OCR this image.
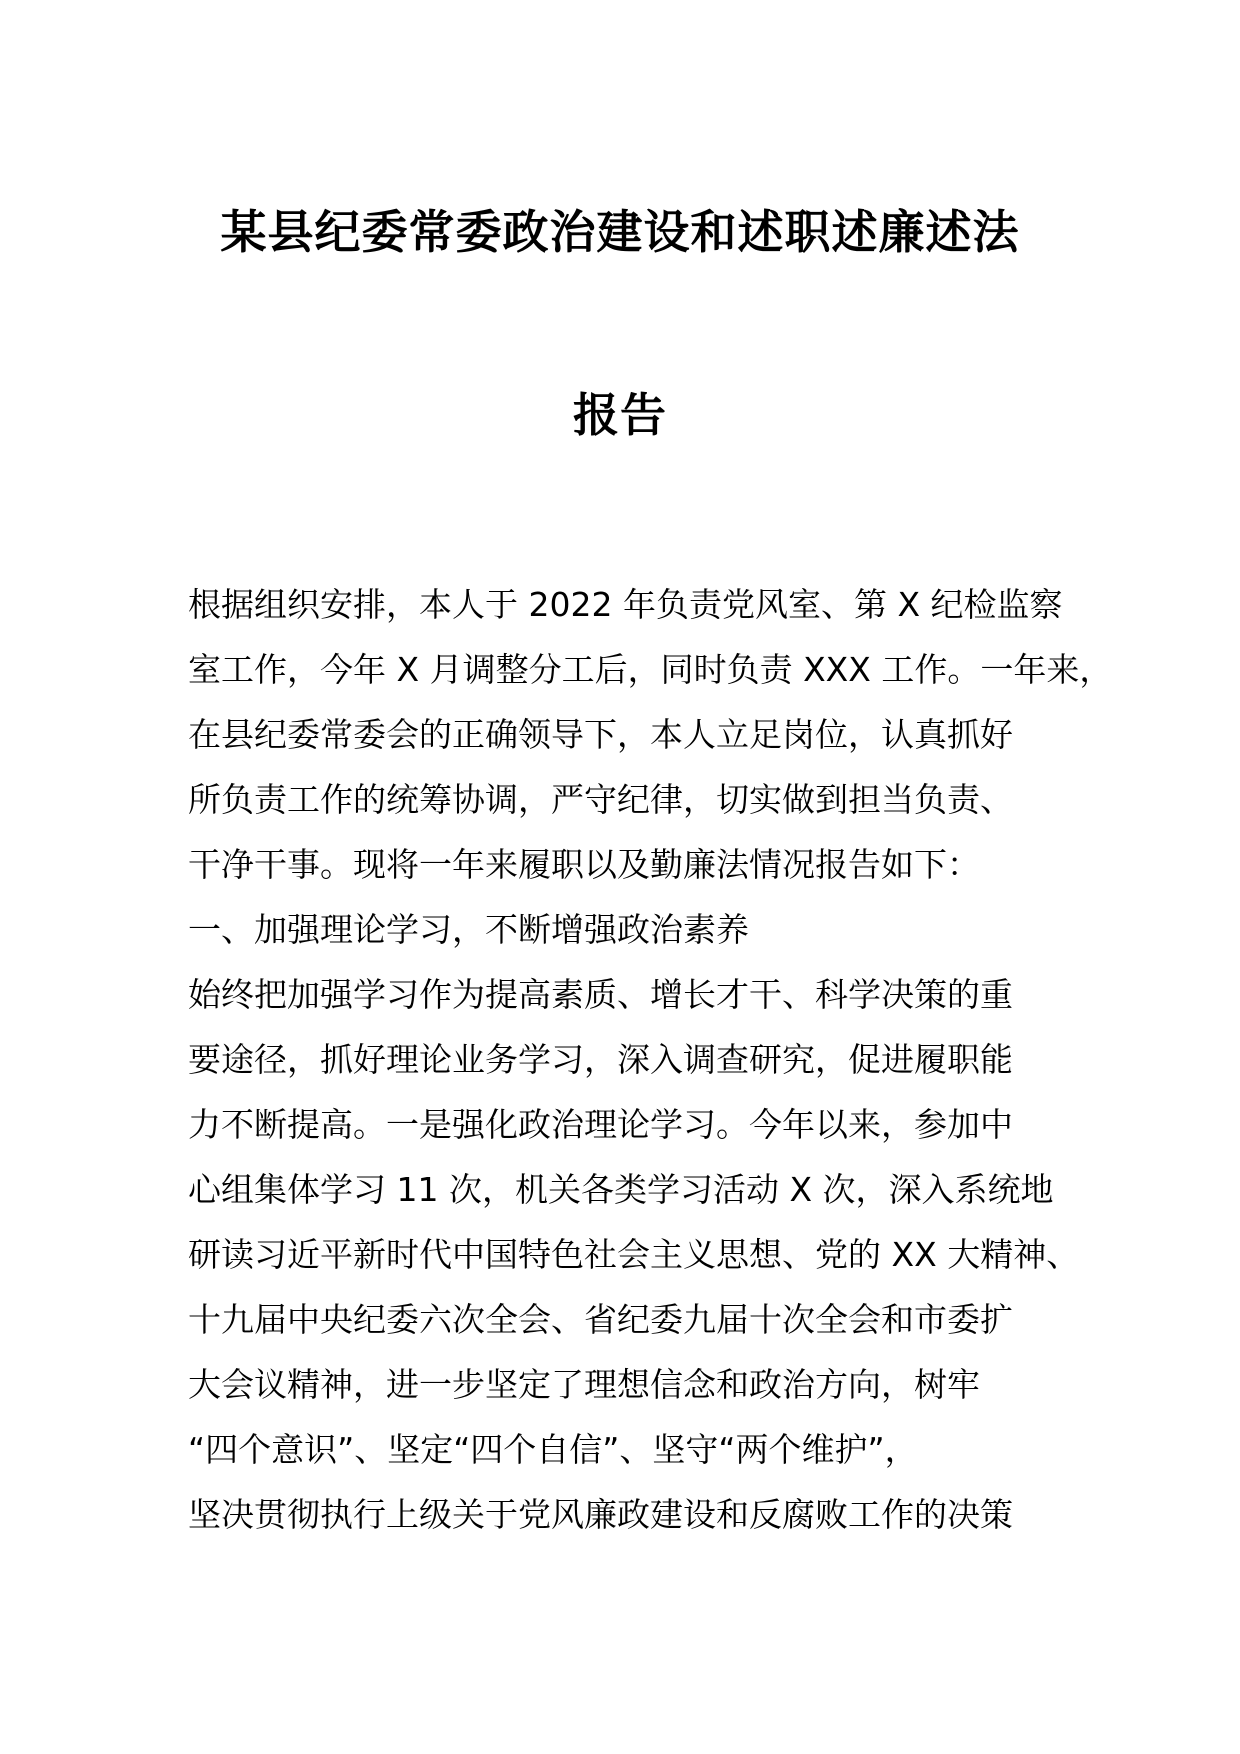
某县纪委常委政治建设和述职述廉述法
报告
根据组织安排，本人于 2022 年负责党风室、第 X 纪检监察
室工作，今年 X 月调整分工后，同时负责 XXX 工作。一年来，
在县纪委常委会的正确领导下，本人立足岗位，认真抓好
所负责工作的统筹协调，严守纪律，切实做到担当负责、
干净干事。现将一年来履职以及勤廉法情况报告如下：
一、加强理论学习，不断增强政治素养
始终把加强学习作为提高素质、增长才干、科学决策的重
要途径，抓好理论业务学习，深入调查研究，促进履职能
力不断提高。一是强化政治理论学习。今年以来，参加中
心组集体学习 11 次，机关各类学习活动 X 次，深入系统地
研读习近平新时代中国特色社会主义思想、党的 XX 大精神、
十九届中央纪委六次全会、省纪委九届十次全会和市委扩
大会议精神，进一步坚定了理想信念和政治方向，树牢
“四个意识”、坚定“四个自信”、坚守“两个维护”，
坚决贯彻执行上级关于党风廉政建设和反腐败工作的决策
